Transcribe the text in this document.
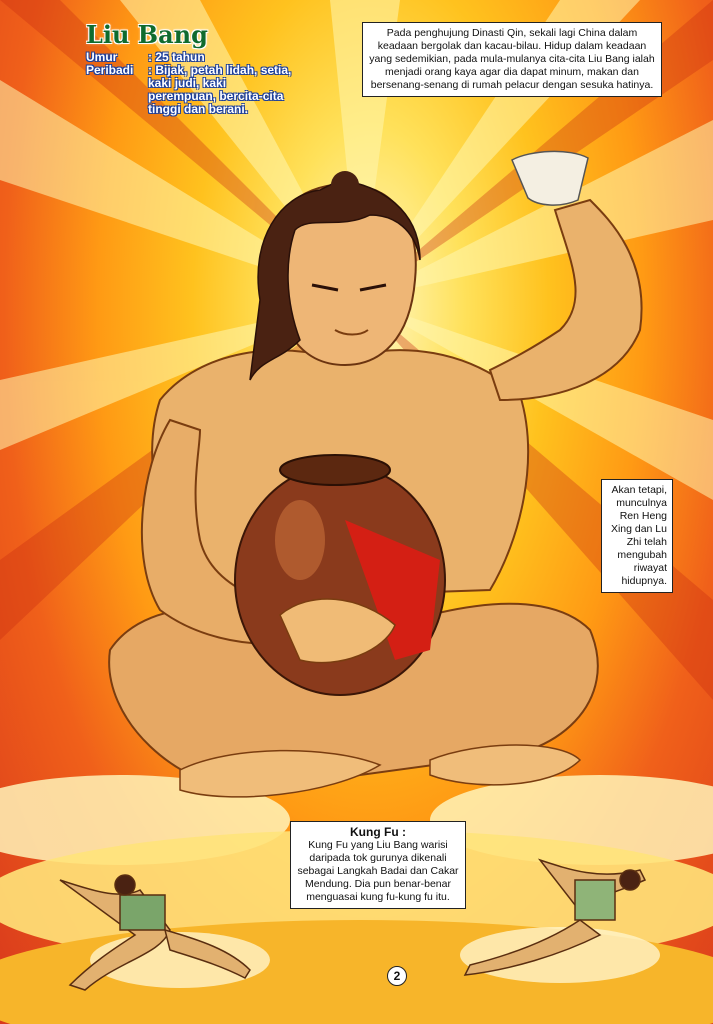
Liu Bang
Umur	: 25 tahun
Peribadi	: Bijak, petah lidah, setia, kaki judi, kaki perempuan, bercita-cita tinggi dan berani.
Pada penghujung Dinasti Qin, sekali lagi China dalam keadaan bergolak dan kacau-bilau. Hidup dalam keadaan yang sedemikian, pada mula-mulanya cita-cita Liu Bang ialah menjadi orang kaya agar dia dapat minum, makan dan bersenang-senang di rumah pelacur dengan sesuka hatinya.
Akan tetapi, munculnya Ren Heng Xing dan Lu Zhi telah mengubah riwayat hidupnya.
Kung Fu :
Kung Fu yang Liu Bang warisi daripada tok gurunya dikenali sebagai Langkah Badai dan Cakar Mendung. Dia pun benar-benar menguasai kung fu-kung fu itu.
2
